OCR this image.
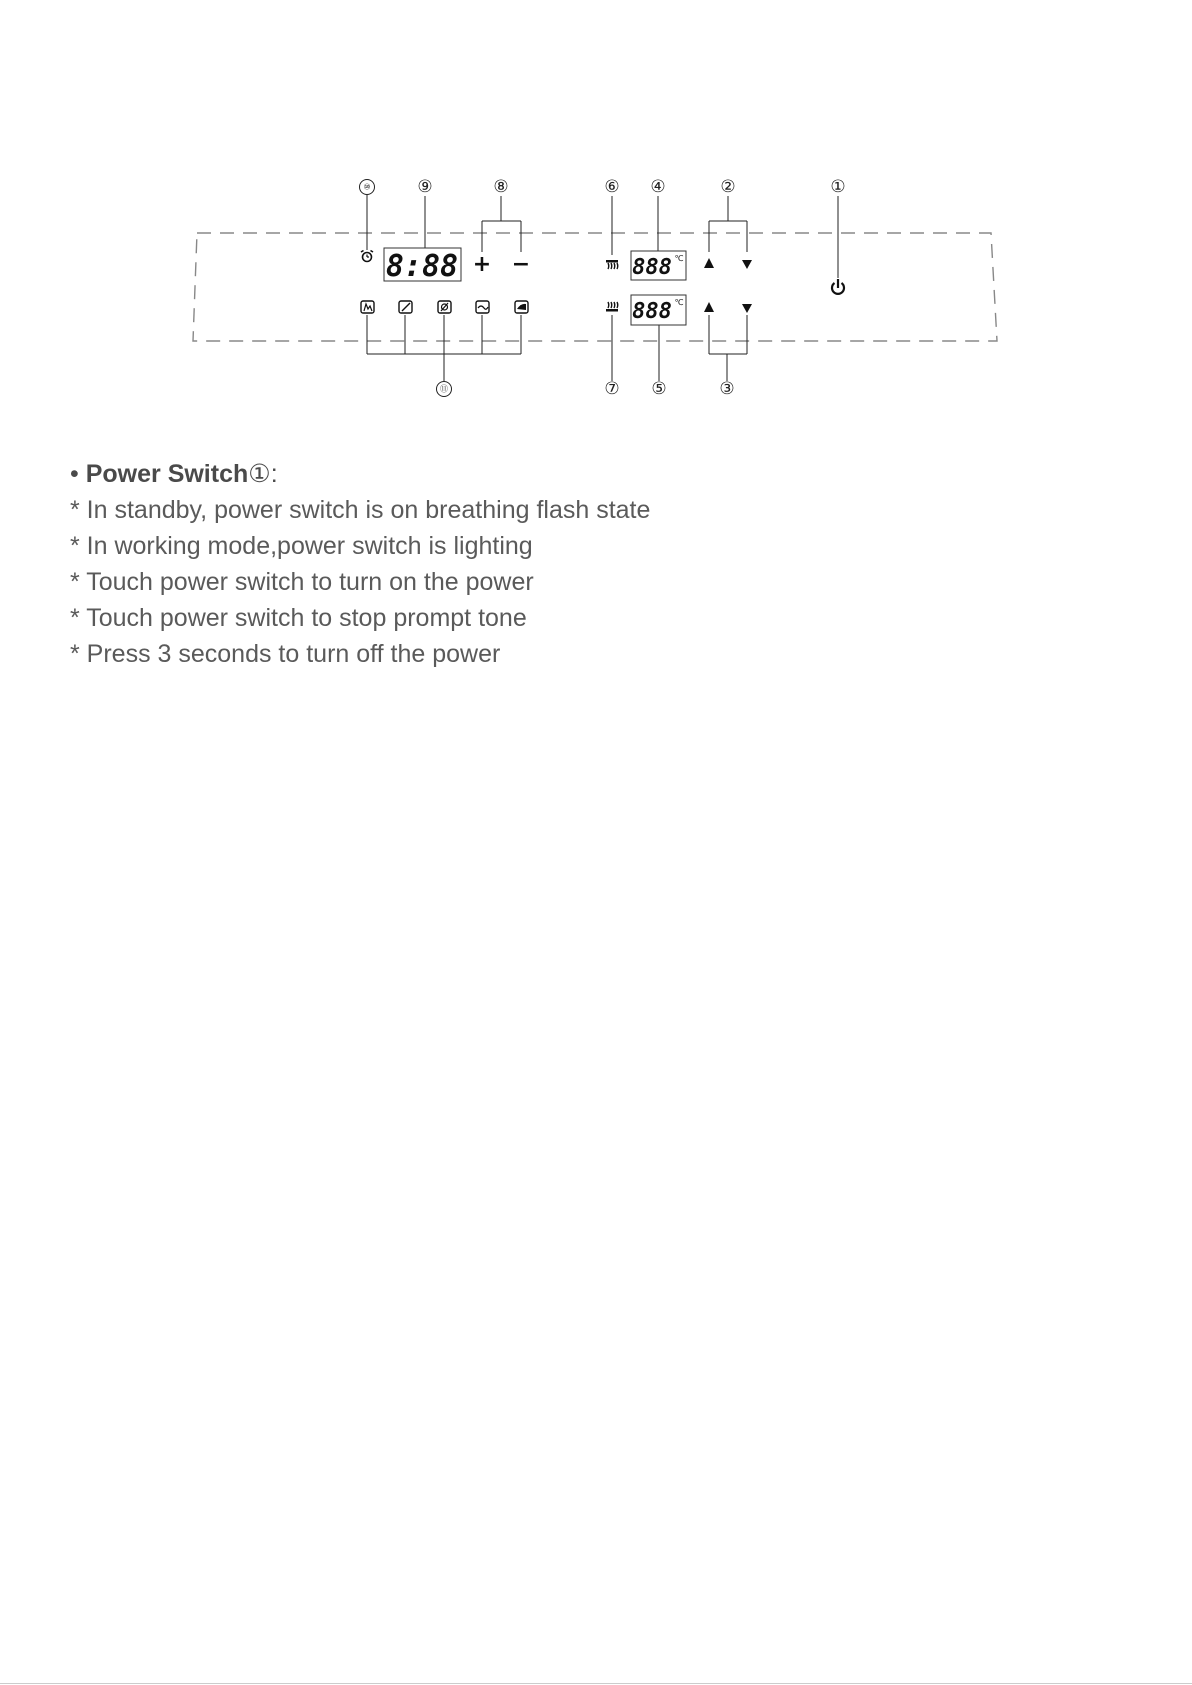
⑩	⑨	⑧	⑥ ④	②	①
⑪	⑦ ⑤	③
8:88 + −	888 ℃
888 ℃

• Power Switch①:

* In standby, power switch is on breathing flash state

* In working mode,power switch is lighting

* Touch power switch to turn on the power

* Touch power switch to stop prompt tone

* Press 3 seconds to turn off the power
